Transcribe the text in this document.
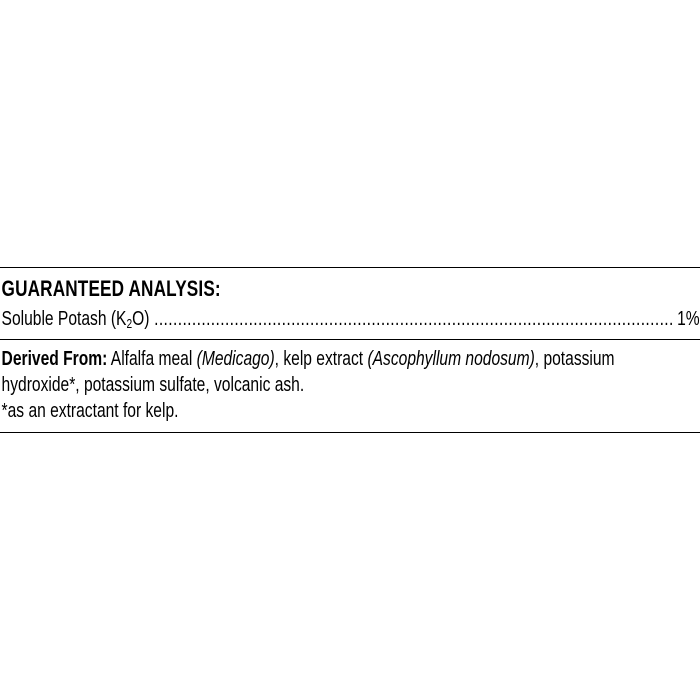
GUARANTEED ANALYSIS:
Soluble Potash $(K_2O)$
.....	1%
Derived From: Alfalfa meal (Medicago), kelp extract (Ascophyllum nodosum), potassium
hydroxide*, potassium sulfate, volcanic ash.
*as an extractant for kelp.
